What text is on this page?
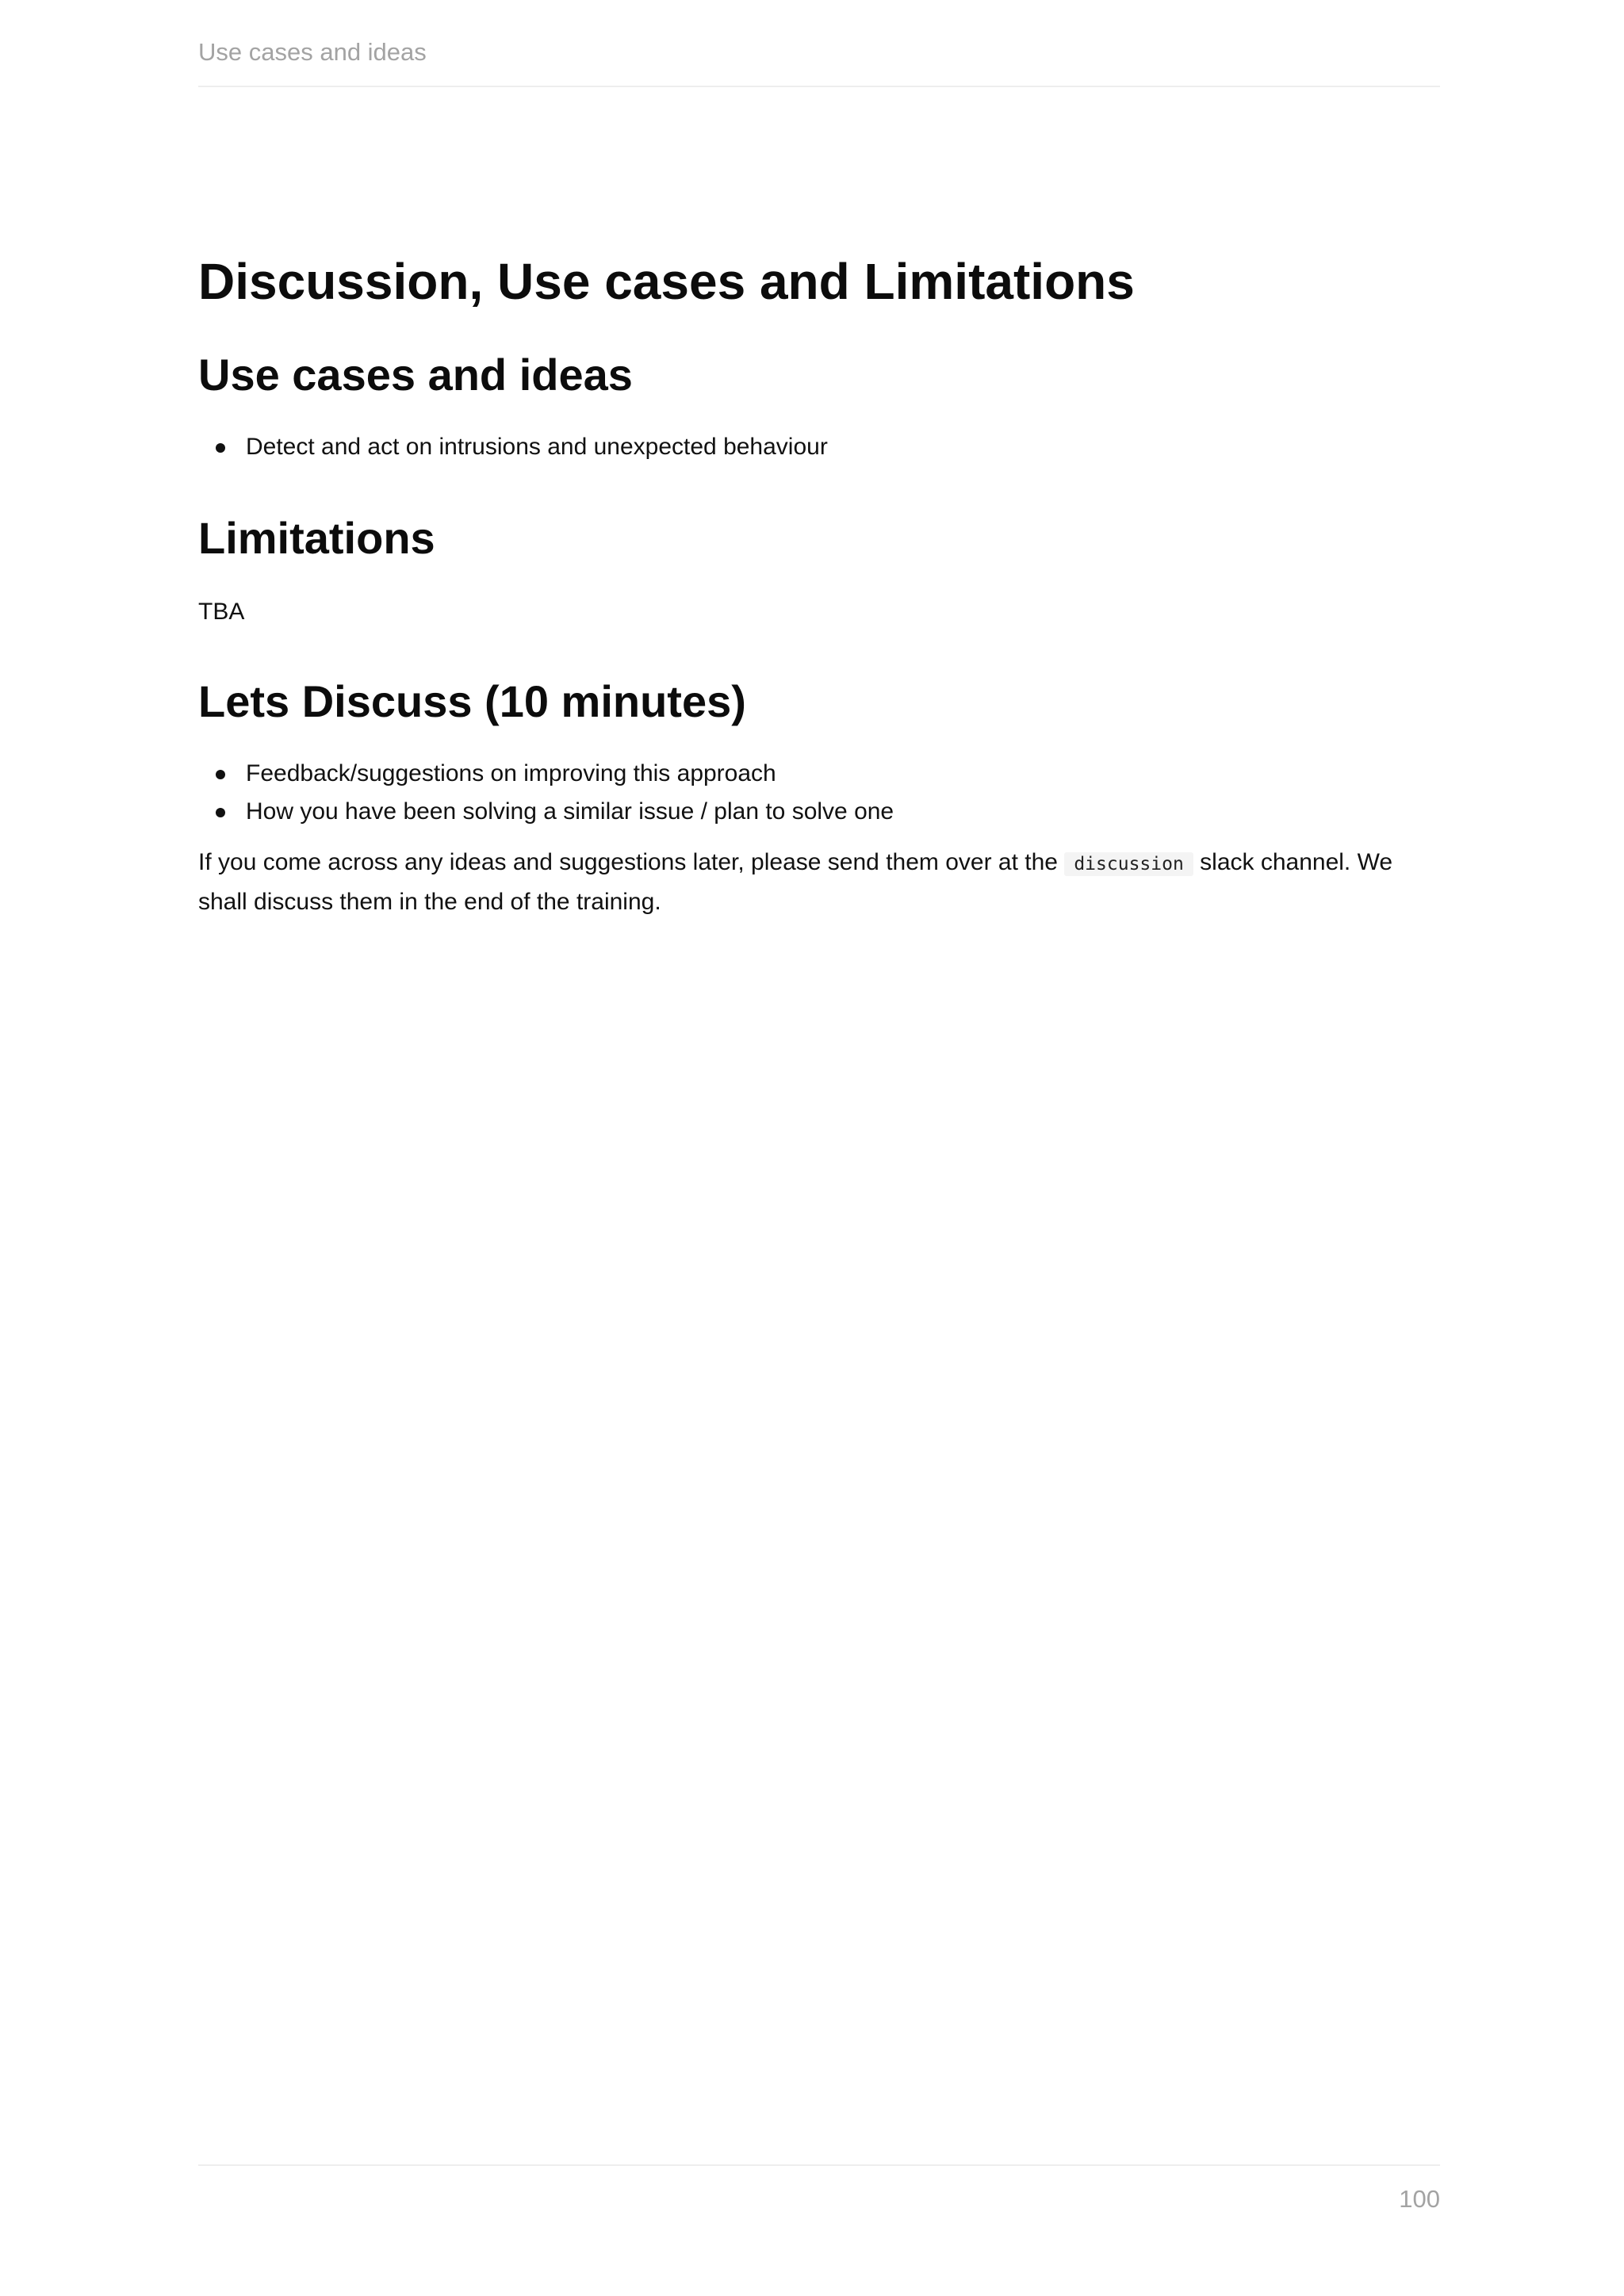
Use cases and ideas
Discussion, Use cases and Limitations
Use cases and ideas
Detect and act on intrusions and unexpected behaviour
Limitations

TBA

Lets Discuss (10 minutes)
Feedback/suggestions on improving this approach
How you have been solving a similar issue / plan to solve one

If you come across any ideas and suggestions later, please send them over at the discussion slack channel. We shall discuss them in the end of the training.

100
